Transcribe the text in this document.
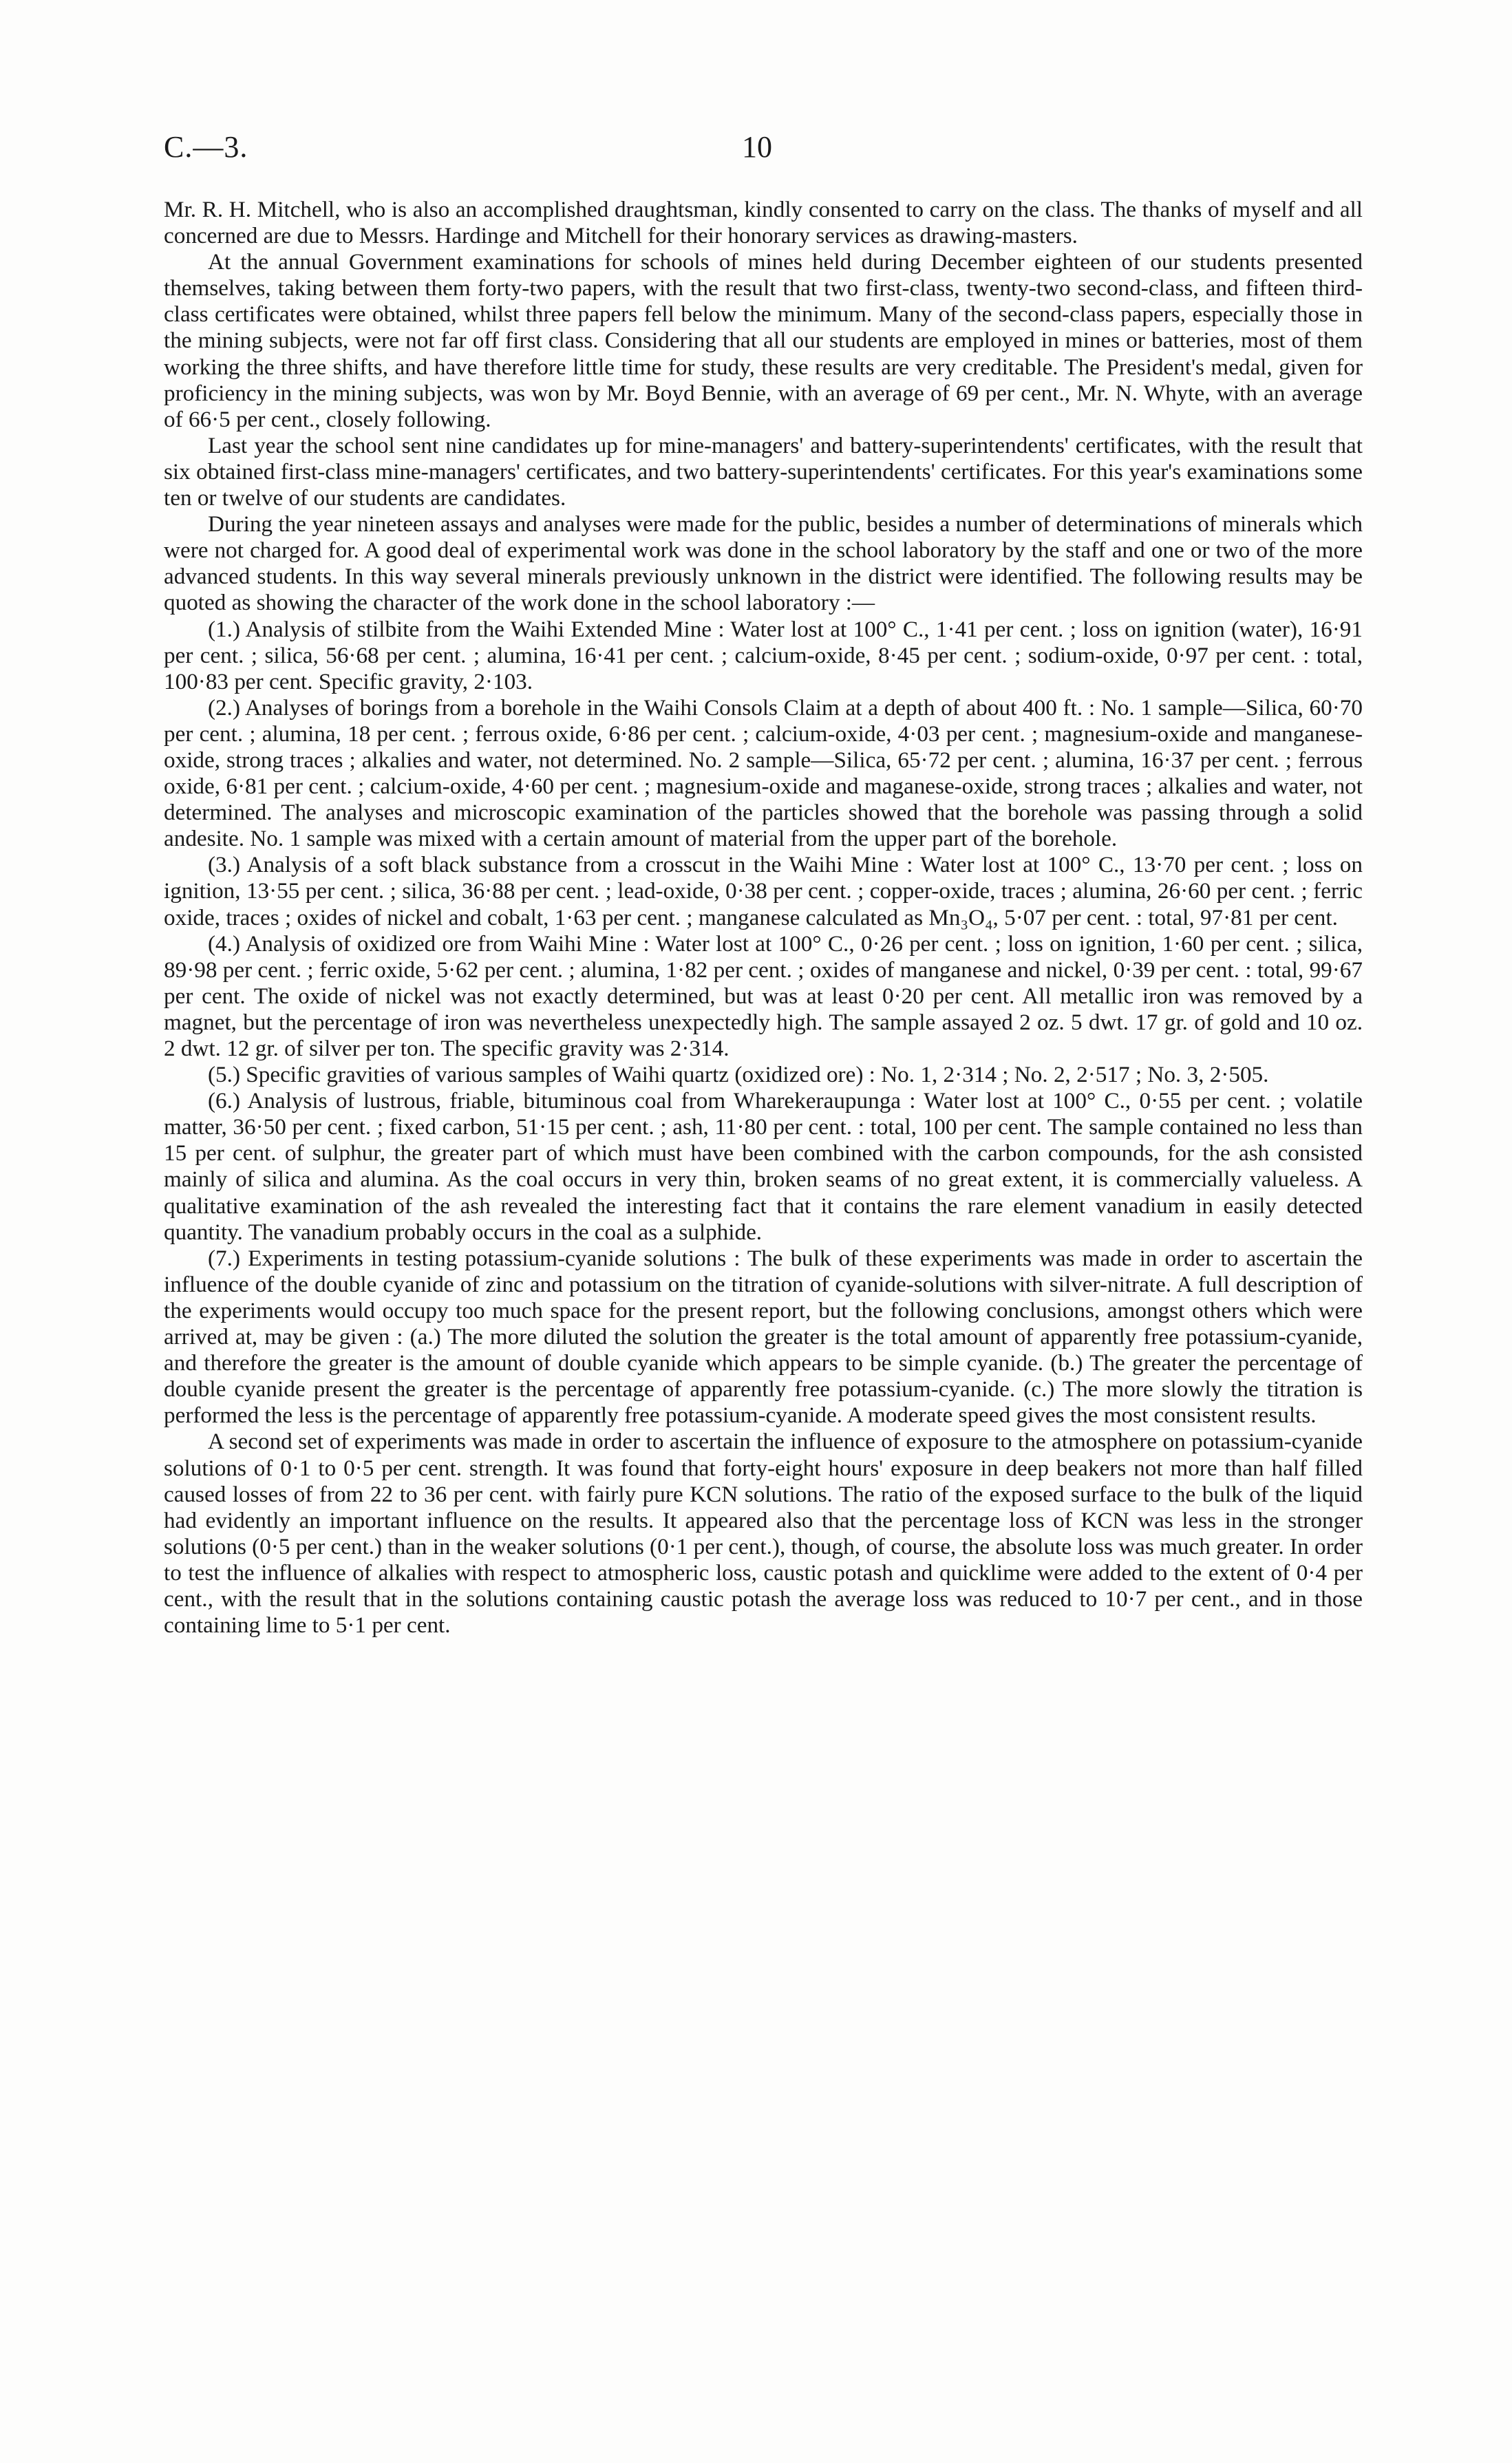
C.—3.	10

Mr. R. H. Mitchell, who is also an accomplished draughtsman, kindly consented to carry on the class. The thanks of myself and all concerned are due to Messrs. Hardinge and Mitchell for their honorary services as drawing-masters.

At the annual Government examinations for schools of mines held during December eighteen of our students presented themselves, taking between them forty-two papers, with the result that two first-class, twenty-two second-class, and fifteen third-class certificates were obtained, whilst three papers fell below the minimum. Many of the second-class papers, especially those in the mining subjects, were not far off first class. Considering that all our students are employed in mines or batteries, most of them working the three shifts, and have therefore little time for study, these results are very creditable. The President's medal, given for proficiency in the mining subjects, was won by Mr. Boyd Bennie, with an average of 69 per cent., Mr. N. Whyte, with an average of 66·5 per cent., closely following.

Last year the school sent nine candidates up for mine-managers' and battery-superintendents' certificates, with the result that six obtained first-class mine-managers' certificates, and two battery-superintendents' certificates. For this year's examinations some ten or twelve of our students are candidates.

During the year nineteen assays and analyses were made for the public, besides a number of determinations of minerals which were not charged for. A good deal of experimental work was done in the school laboratory by the staff and one or two of the more advanced students. In this way several minerals previously unknown in the district were identified. The following results may be quoted as showing the character of the work done in the school laboratory :—

(1.) Analysis of stilbite from the Waihi Extended Mine : Water lost at 100° C., 1·41 per cent. ; loss on ignition (water), 16·91 per cent. ; silica, 56·68 per cent. ; alumina, 16·41 per cent. ; calcium-oxide, 8·45 per cent. ; sodium-oxide, 0·97 per cent. : total, 100·83 per cent. Specific gravity, 2·103.

(2.) Analyses of borings from a borehole in the Waihi Consols Claim at a depth of about 400 ft. : No. 1 sample—Silica, 60·70 per cent. ; alumina, 18 per cent. ; ferrous oxide, 6·86 per cent. ; calcium-oxide, 4·03 per cent. ; magnesium-oxide and manganese-oxide, strong traces ; alkalies and water, not determined. No. 2 sample—Silica, 65·72 per cent. ; alumina, 16·37 per cent. ; ferrous oxide, 6·81 per cent. ; calcium-oxide, 4·60 per cent. ; magnesium-oxide and maganese-oxide, strong traces ; alkalies and water, not determined. The analyses and microscopic examination of the particles showed that the borehole was passing through a solid andesite. No. 1 sample was mixed with a certain amount of material from the upper part of the borehole.

(3.) Analysis of a soft black substance from a crosscut in the Waihi Mine : Water lost at 100° C., 13·70 per cent. ; loss on ignition, 13·55 per cent. ; silica, 36·88 per cent. ; lead-oxide, 0·38 per cent. ; copper-oxide, traces ; alumina, 26·60 per cent. ; ferric oxide, traces ; oxides of nickel and cobalt, 1·63 per cent. ; manganese calculated as Mn₃O₄, 5·07 per cent. : total, 97·81 per cent.

(4.) Analysis of oxidized ore from Waihi Mine : Water lost at 100° C., 0·26 per cent. ; loss on ignition, 1·60 per cent. ; silica, 89·98 per cent. ; ferric oxide, 5·62 per cent. ; alumina, 1·82 per cent. ; oxides of manganese and nickel, 0·39 per cent. : total, 99·67 per cent. The oxide of nickel was not exactly determined, but was at least 0·20 per cent. All metallic iron was removed by a magnet, but the percentage of iron was nevertheless unexpectedly high. The sample assayed 2 oz. 5 dwt. 17 gr. of gold and 10 oz. 2 dwt. 12 gr. of silver per ton. The specific gravity was 2·314.

(5.) Specific gravities of various samples of Waihi quartz (oxidized ore) : No. 1, 2·314 ; No. 2, 2·517 ; No. 3, 2·505.

(6.) Analysis of lustrous, friable, bituminous coal from Wharekeraupunga : Water lost at 100° C., 0·55 per cent. ; volatile matter, 36·50 per cent. ; fixed carbon, 51·15 per cent. ; ash, 11·80 per cent. : total, 100 per cent. The sample contained no less than 15 per cent. of sulphur, the greater part of which must have been combined with the carbon compounds, for the ash consisted mainly of silica and alumina. As the coal occurs in very thin, broken seams of no great extent, it is commercially valueless. A qualitative examination of the ash revealed the interesting fact that it contains the rare element vanadium in easily detected quantity. The vanadium probably occurs in the coal as a sulphide.

(7.) Experiments in testing potassium-cyanide solutions : The bulk of these experiments was made in order to ascertain the influence of the double cyanide of zinc and potassium on the titration of cyanide-solutions with silver-nitrate. A full description of the experiments would occupy too much space for the present report, but the following conclusions, amongst others which were arrived at, may be given : (a.) The more diluted the solution the greater is the total amount of apparently free potassium-cyanide, and therefore the greater is the amount of double cyanide which appears to be simple cyanide. (b.) The greater the percentage of double cyanide present the greater is the percentage of apparently free potassium-cyanide. (c.) The more slowly the titration is performed the less is the percentage of apparently free potassium-cyanide. A moderate speed gives the most consistent results.

A second set of experiments was made in order to ascertain the influence of exposure to the atmosphere on potassium-cyanide solutions of 0·1 to 0·5 per cent. strength. It was found that forty-eight hours' exposure in deep beakers not more than half filled caused losses of from 22 to 36 per cent. with fairly pure KCN solutions. The ratio of the exposed surface to the bulk of the liquid had evidently an important influence on the results. It appeared also that the percentage loss of KCN was less in the stronger solutions (0·5 per cent.) than in the weaker solutions (0·1 per cent.), though, of course, the absolute loss was much greater. In order to test the influence of alkalies with respect to atmospheric loss, caustic potash and quicklime were added to the extent of 0·4 per cent., with the result that in the solutions containing caustic potash the average loss was reduced to 10·7 per cent., and in those containing lime to 5·1 per cent.
